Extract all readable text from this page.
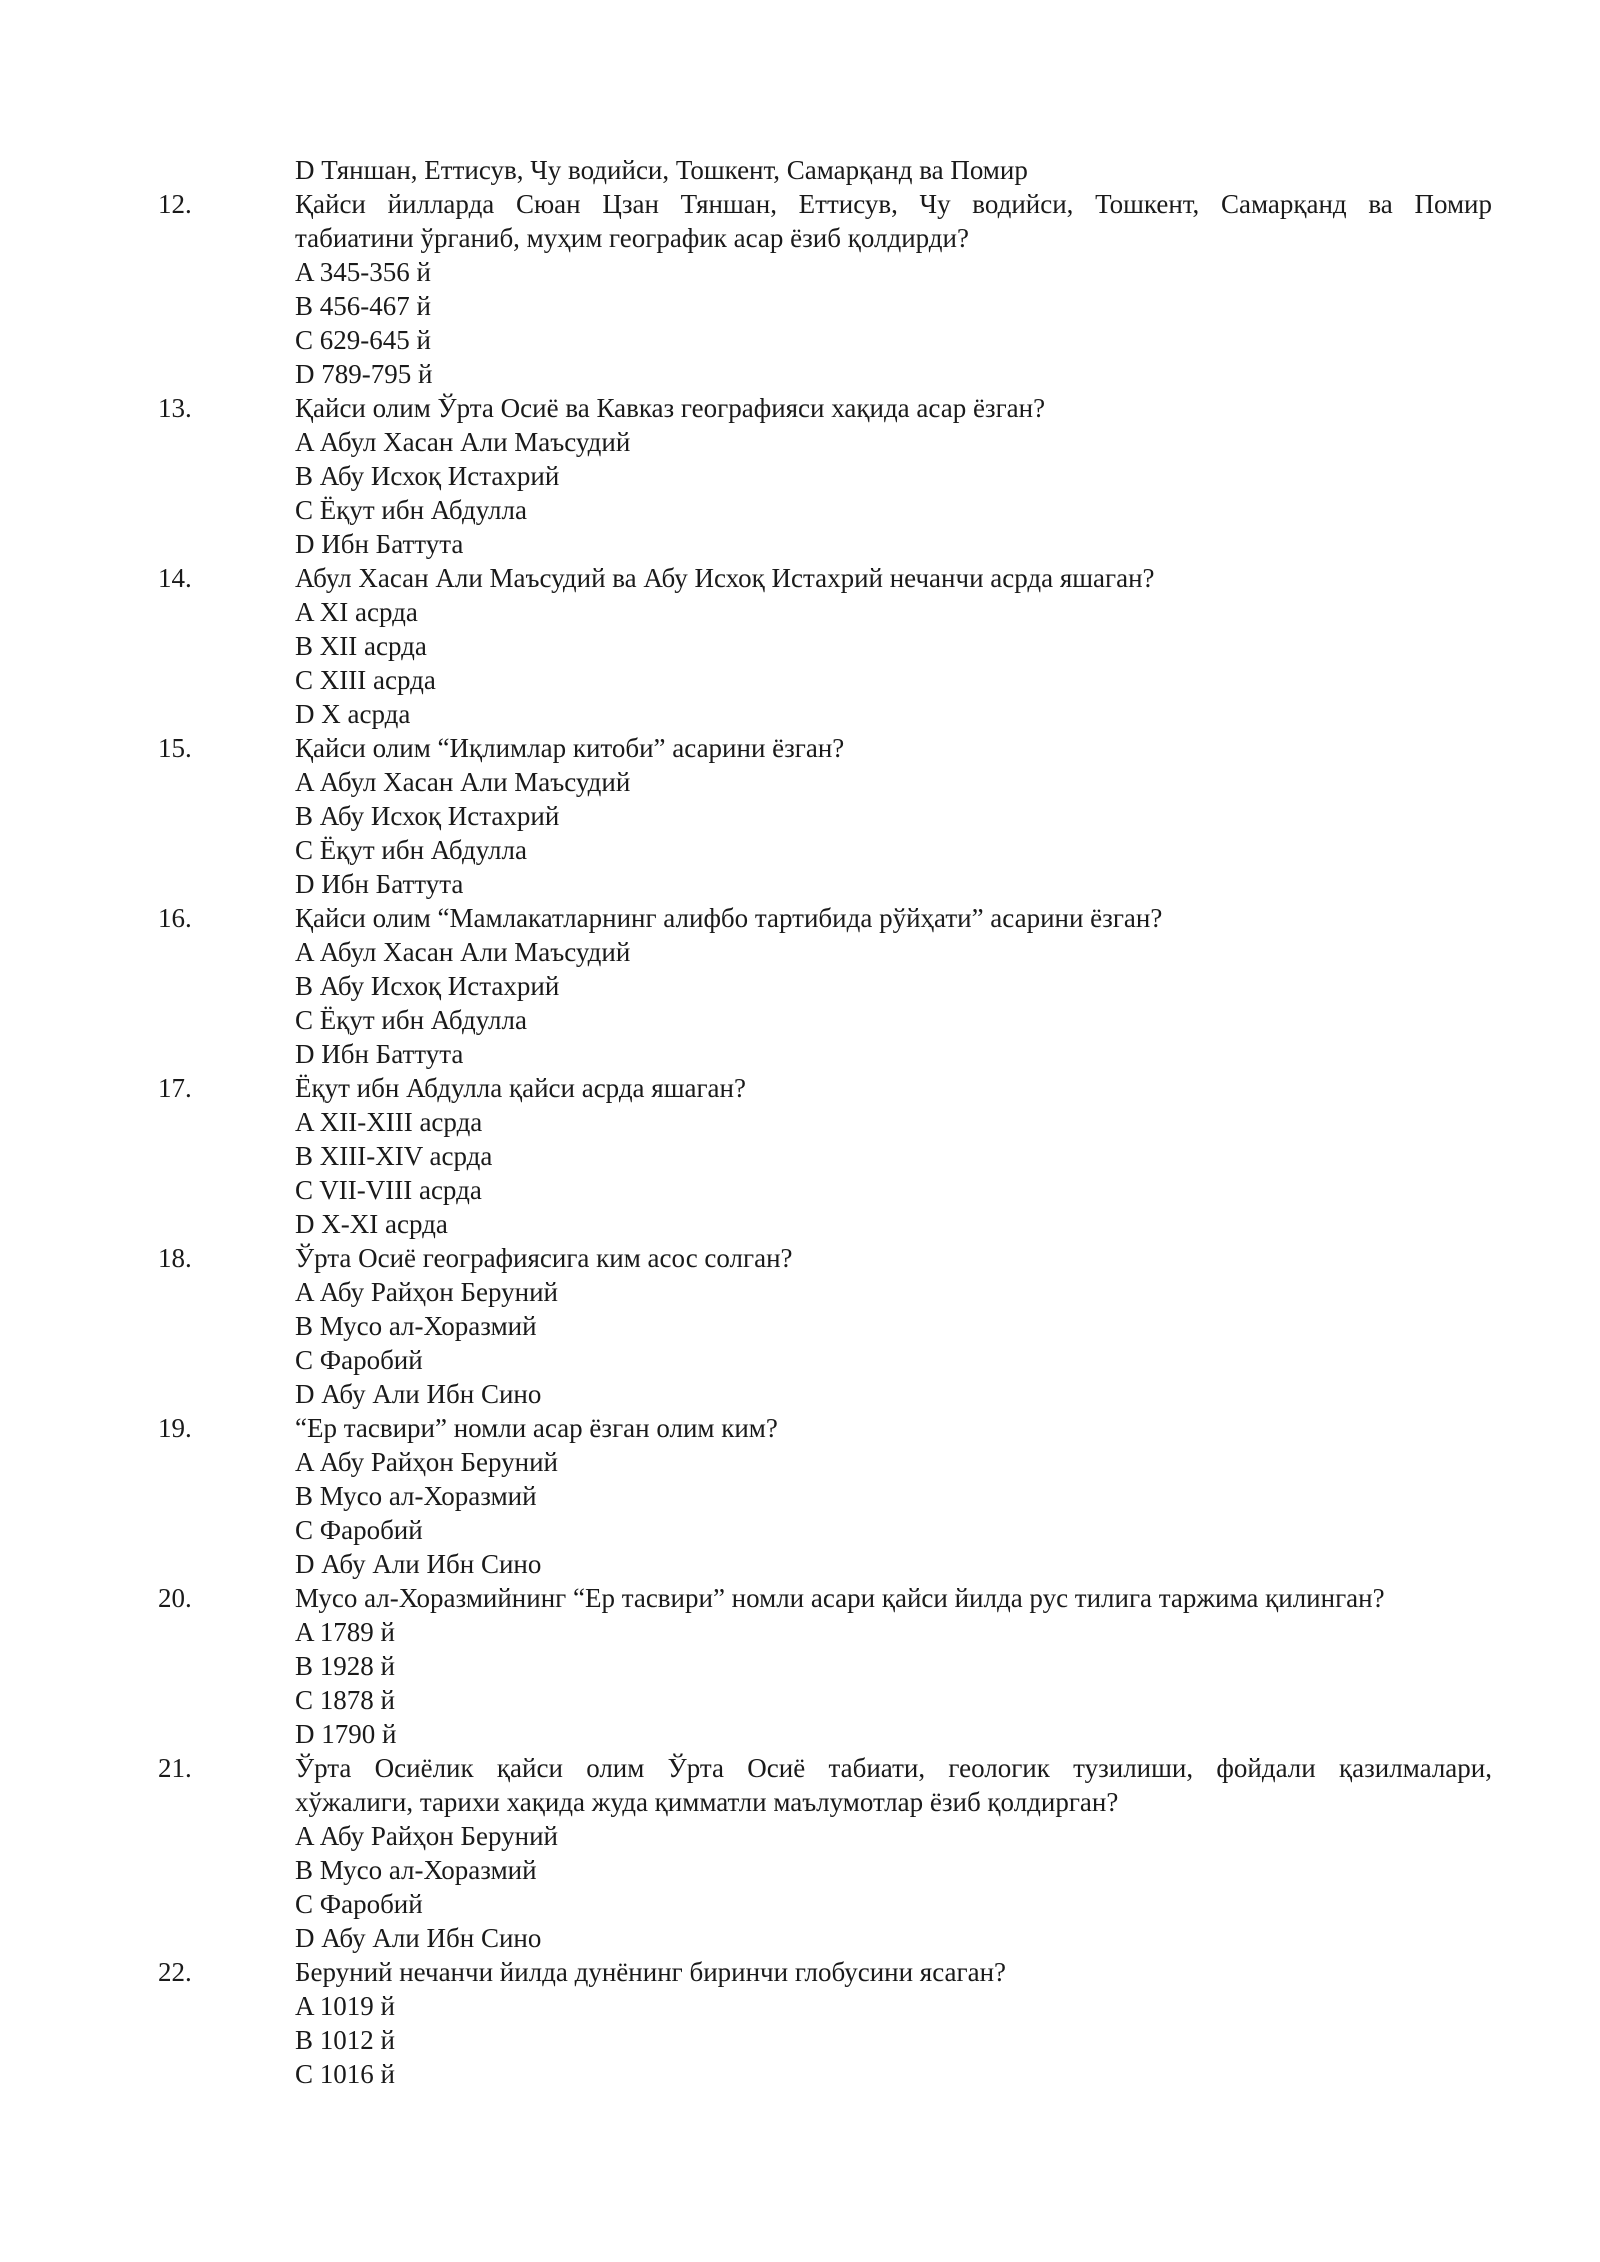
D Тяншан, Еттисув, Чу водийси, Тошкент, Самарқанд ва Помир
12.	Қайси йилларда Сюан Цзан Тяншан, Еттисув, Чу водийси, Тошкент, Самарқанд ва Помир
табиатини ўрганиб, муҳим географик асар ёзиб қолдирди?
A 345-356 й
B 456-467 й
C 629-645 й
D 789-795 й
13.	Қайси олим Ўрта Осиё ва Кавказ географияси хақида асар ёзган?
A Абул Хасан Али Маъсудий
B Абу Исхоқ Истахрий
C Ёқут ибн Абдулла
D Ибн Баттута
14.	Абул Хасан Али Маъсудий ва Абу Исхоқ Истахрий нечанчи асрда яшаган?
A XI асрда
B XII асрда
C XIII асрда
D X асрда
15.	Қайси олим “Иқлимлар китоби” асарини ёзган?
A Абул Хасан Али Маъсудий
B Абу Исхоқ Истахрий
C Ёқут ибн Абдулла
D Ибн Баттута
16.	Қайси олим “Мамлакатларнинг алифбо тартибида рўйҳати” асарини ёзган?
A Абул Хасан Али Маъсудий
B Абу Исхоқ Истахрий
C Ёқут ибн Абдулла
D Ибн Баттута
17.	Ёқут ибн Абдулла қайси асрда яшаган?
A XII-XIII асрда
B XIII-XIV асрда
C VII-VIII асрда
D X-XI асрда
18.	Ўрта Осиё географиясига ким асос солган?
A Абу Райҳон Беруний
B Мусо ал-Хоразмий
C Фаробий
D Абу Али Ибн Сино
19.	“Ер тасвири” номли асар ёзган олим ким?
A Абу Райҳон Беруний
B Мусо ал-Хоразмий
C Фаробий
D Абу Али Ибн Сино
20.	Мусо ал-Хоразмийнинг “Ер тасвири” номли асари қайси йилда рус тилига таржима қилинган?
A 1789 й
B 1928 й
C 1878 й
D 1790 й
21.	Ўрта Осиёлик қайси олим Ўрта Осиё табиати, геологик тузилиши, фойдали қазилмалари,
хўжалиги, тарихи хақида жуда қимматли маълумотлар ёзиб қолдирган?
A Абу Райҳон Беруний
B Мусо ал-Хоразмий
C Фаробий
D Абу Али Ибн Сино
22.	Беруний нечанчи йилда дунёнинг биринчи глобусини ясаган?
A 1019 й
B 1012 й
C 1016 й
